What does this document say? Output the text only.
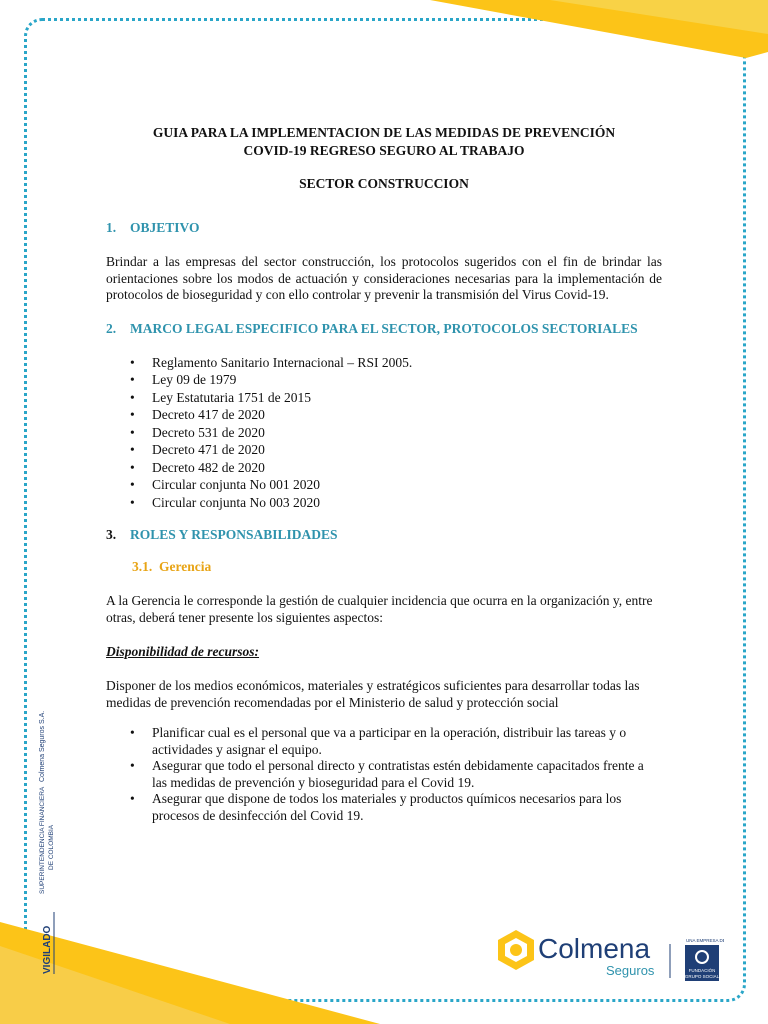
VIGILADO
SUPERINTENDENCIA FINANCIERA DE COLOMBIA
Colmena Seguros S.A.

GUIA PARA LA IMPLEMENTACION DE LAS MEDIDAS DE PREVENCIÓN

COVID-19 REGRESO SEGURO AL TRABAJO

SECTOR CONSTRUCCION

1.	OBJETIVO

Brindar a las empresas del sector construcción, los protocolos sugeridos con el fin de brindar las orientaciones sobre los modos de actuación y consideraciones necesarias para la implementación de protocolos de bioseguridad y con ello controlar y prevenir la transmisión del Virus Covid-19.

2.	MARCO LEGAL ESPECIFICO PARA EL SECTOR, PROTOCOLOS SECTORIALES
• Reglamento Sanitario Internacional – RSI 2005.
• Ley 09 de 1979
• Ley Estatutaria 1751 de 2015
• Decreto 417 de 2020
• Decreto 531 de 2020
• Decreto 471 de 2020
• Decreto 482 de 2020
• Circular conjunta No 001 2020
• Circular conjunta No 003 2020
3.	ROLES Y RESPONSABILIDADES
3.1. Gerencia

A la Gerencia le corresponde la gestión de cualquier incidencia que ocurra en la organización y, entre otras, deberá tener presente los siguientes aspectos:

Disponibilidad de recursos:

Disponer de los medios económicos, materiales y estratégicos suficientes para desarrollar todas las medidas de prevención recomendadas por el Ministerio de salud y protección social

• Planificar cual es el personal que va a participar en la operación, distribuir las tareas y o actividades y asignar el equipo.
• Asegurar que todo el personal directo y contratistas estén debidamente capacitados frente a las medidas de prevención y bioseguridad para el Covid 19.
• Asegurar que dispone de todos los materiales y productos químicos necesarios para los procesos de desinfección del Covid 19.
Colmena
Seguros
UNA EMPRESA DE
FUNDACIÓN
GRUPO SOCIAL
